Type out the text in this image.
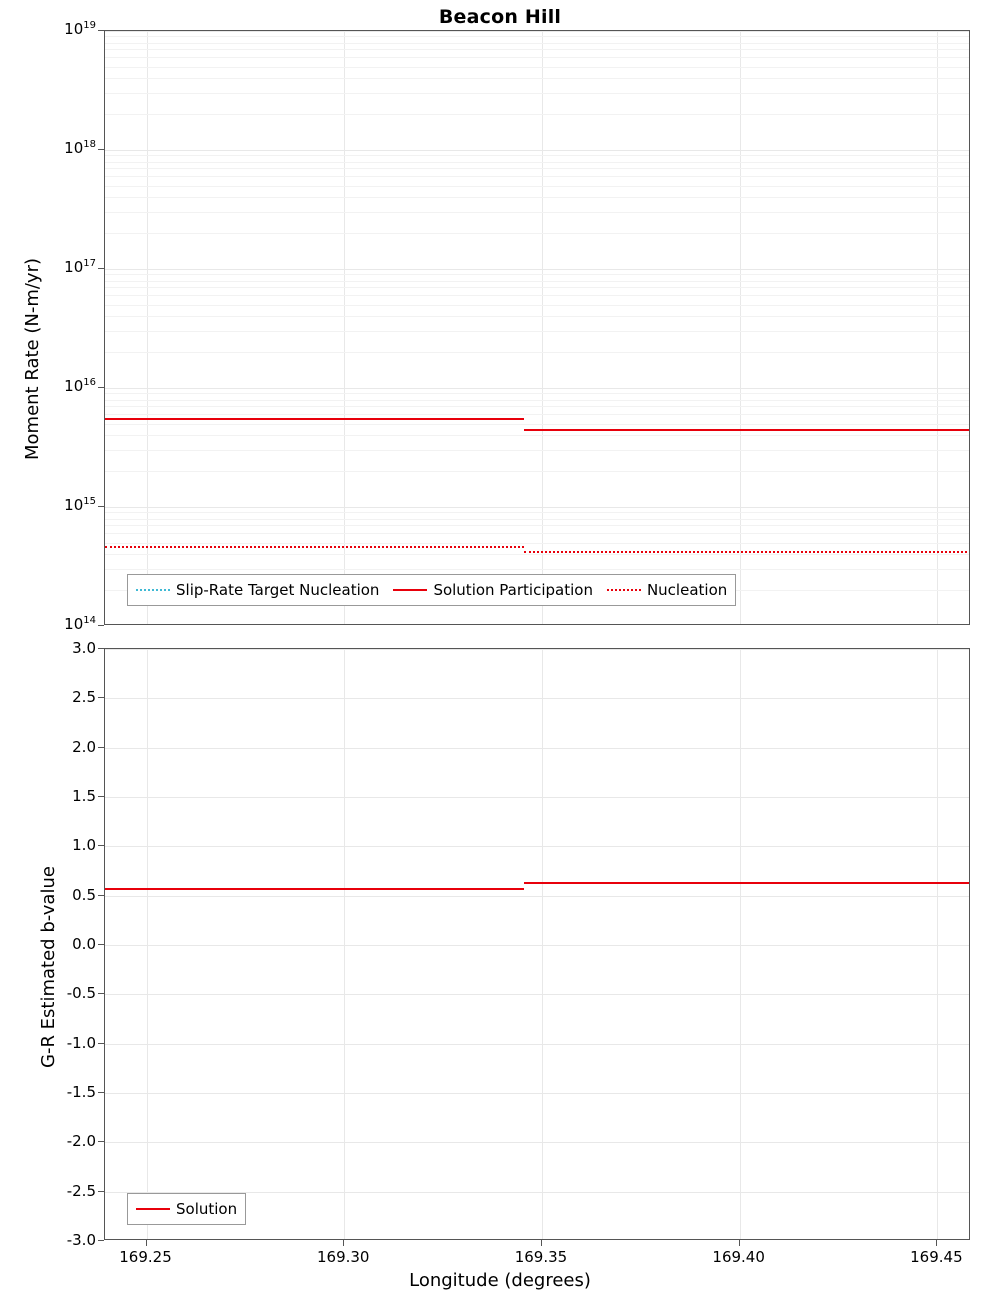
Beacon Hill
$10^{14}$
$10^{15}$
$10^{16}$
$10^{17}$
$10^{18}$
$10^{19}$
Moment Rate (N-m/yr)
Slip-Rate Target Nucleation	Solution Participation	Nucleation
-3.0
-2.5
-2.0
-1.5
-1.0
-0.5
0.0
0.5
1.0
1.5
2.0
2.5
3.0
G-R Estimated b-value
Solution
169.25	169.30	169.35	169.40	169.45
Longitude (degrees)
